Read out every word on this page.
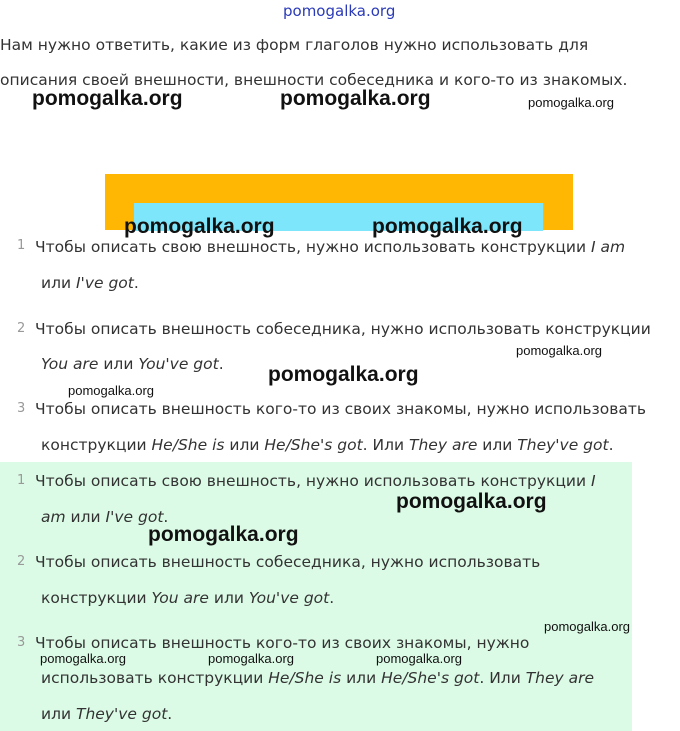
pomogalka.org
Нам нужно ответить, какие из форм глаголов нужно использовать для
описания своей внешности, внешности собеседника и кого-то из знакомых.
1 Чтобы описать свою внешность, нужно использовать конструкции I am
или I've got.
2 Чтобы описать внешность собеседника, нужно использовать конструкции
You are или You've got.
3 Чтобы описать внешность кого-то из своих знакомы, нужно использовать
конструкции He/She is или He/She's got. Или They are или They've got.
1 Чтобы описать свою внешность, нужно использовать конструкции I
am или I've got.
2 Чтобы описать внешность собеседника, нужно использовать
конструкции You are или You've got.
3 Чтобы описать внешность кого-то из своих знакомы, нужно
использовать конструкции He/She is или He/She's got. Или They are
или They've got.
pomogalka.org	pomogalka.org	pomogalka.org
pomogalka.org	pomogalka.org
pomogalka.org
pomogalka.org
pomogalka.org
pomogalka.org
pomogalka.org
pomogalka.org
pomogalka.org	pomogalka.org	pomogalka.org
